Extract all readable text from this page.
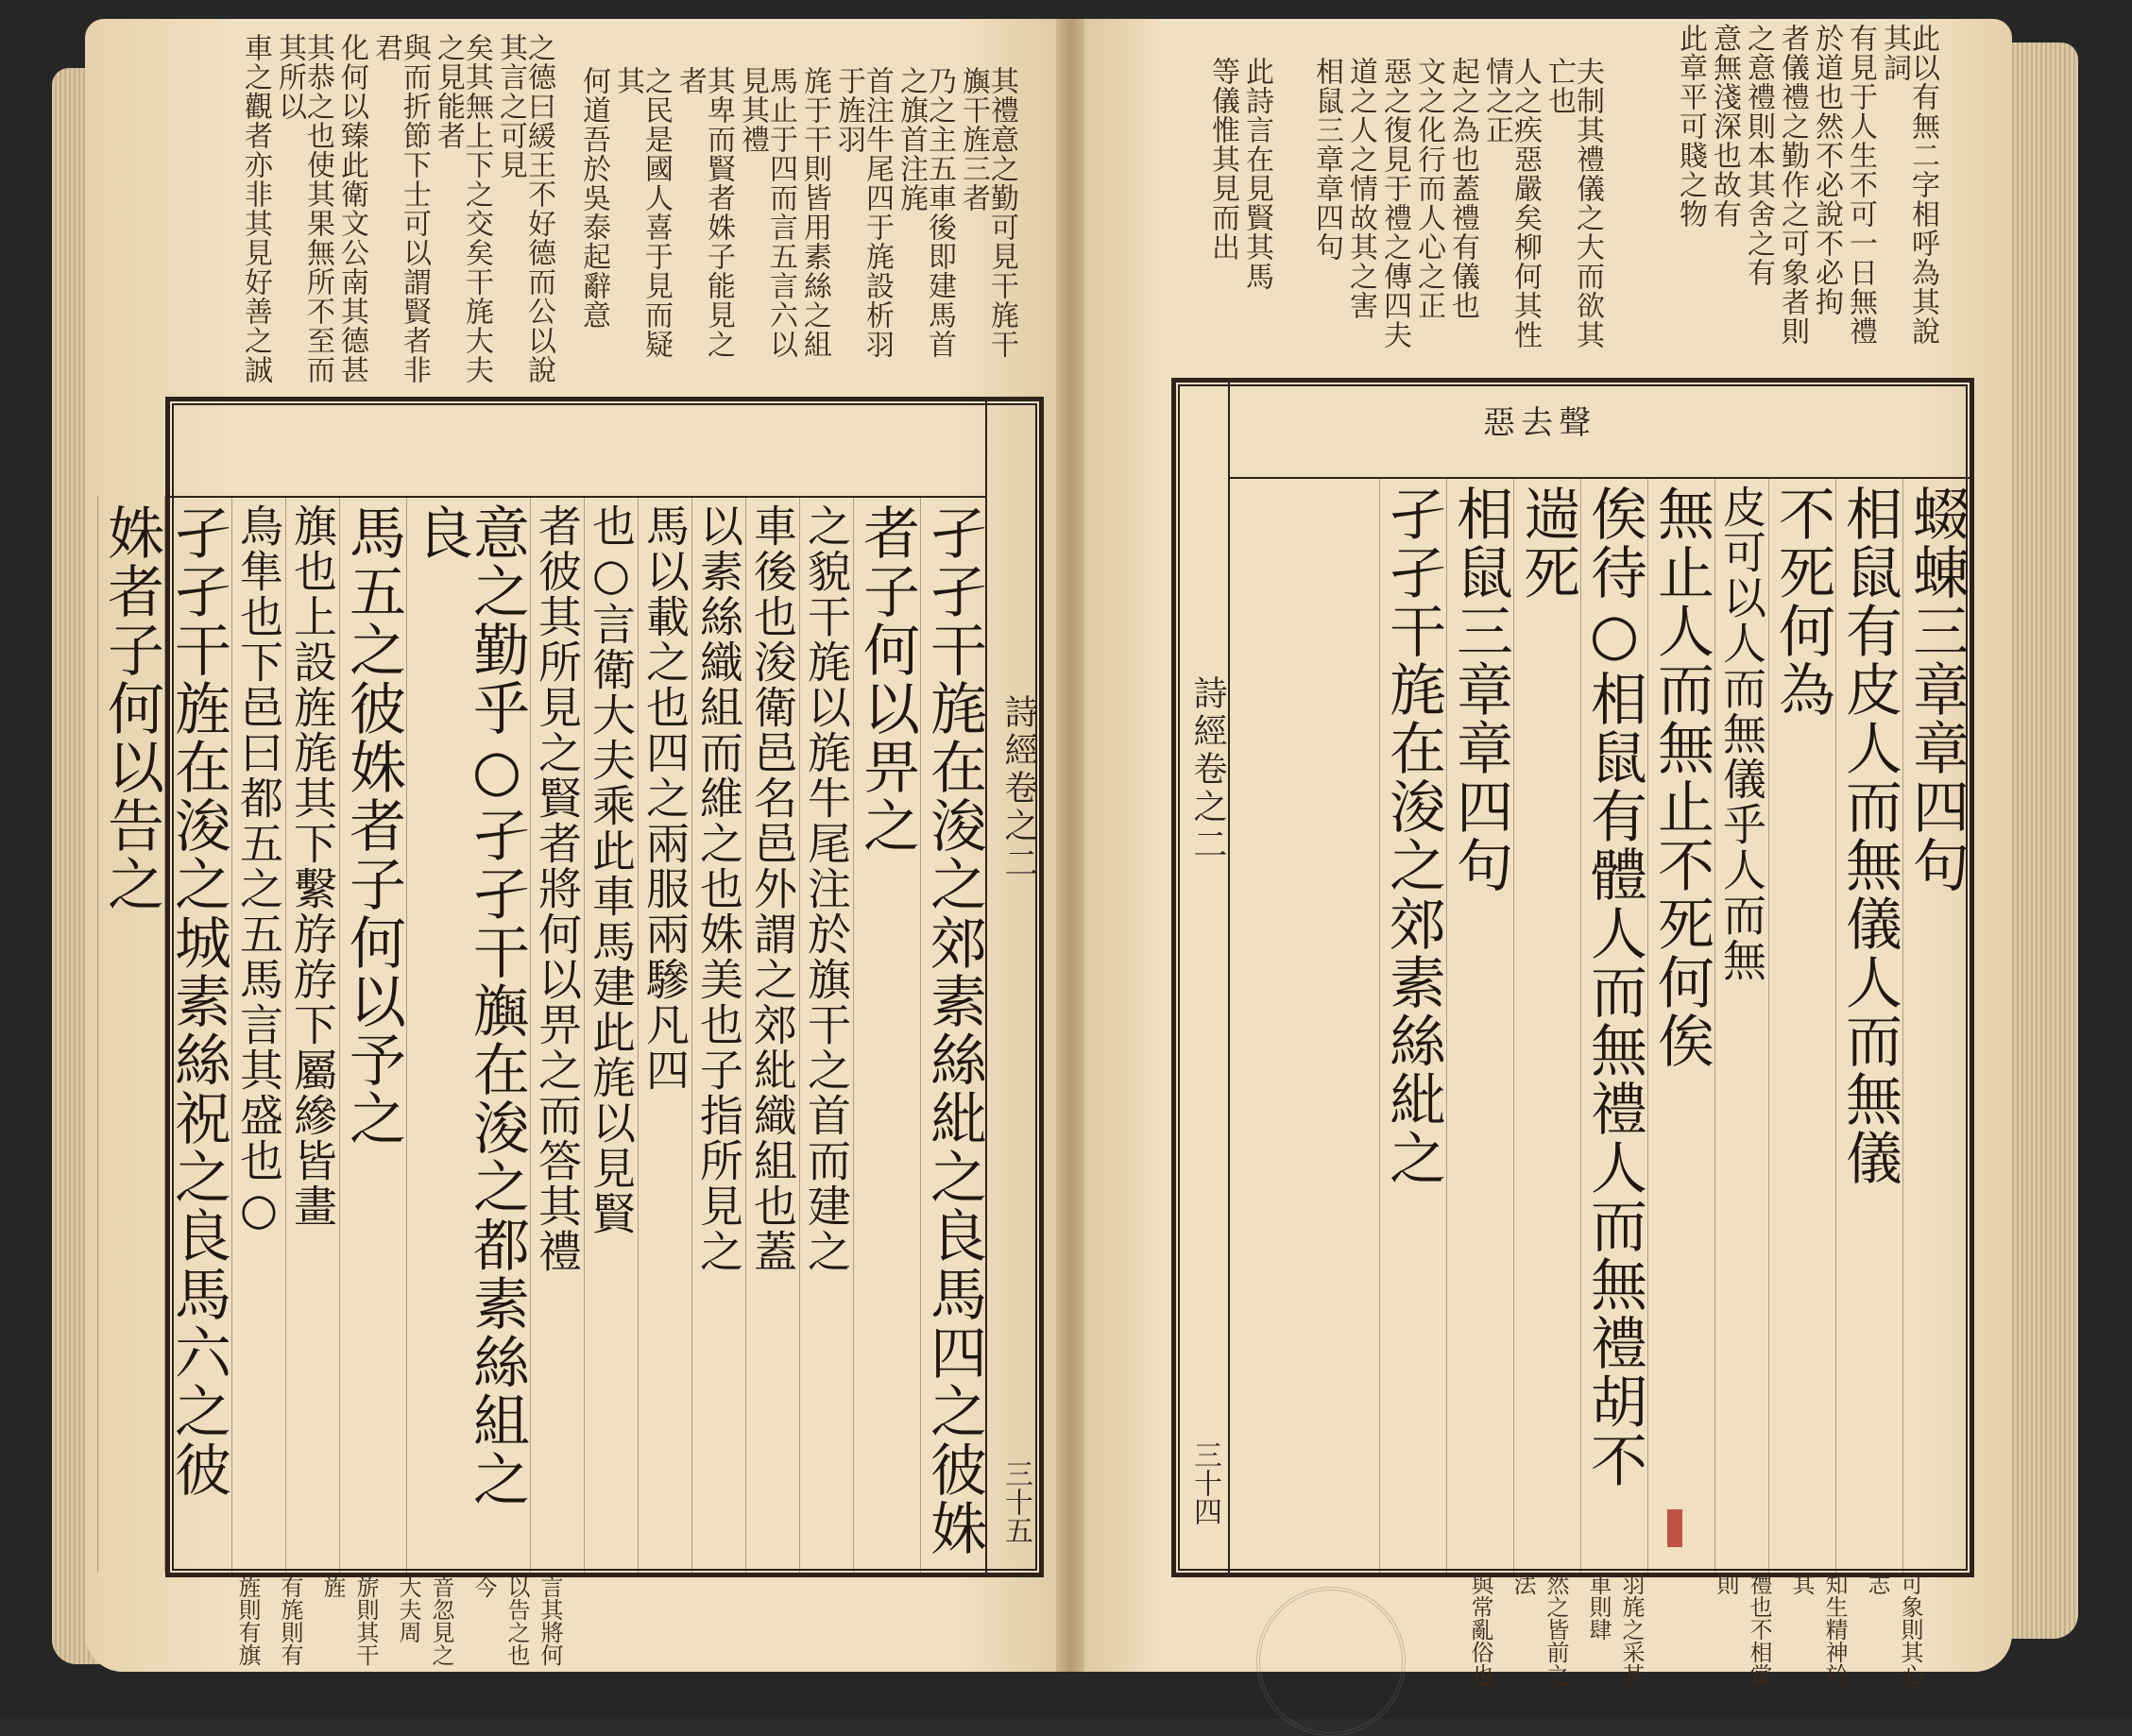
之德曰緩王不好德而公以說其言之可見
矣其無上下之交矣干旄大夫之見能者
與而折節下士可以謂賢者非君
化何以臻此衛文公南其德甚
其恭之也使其果無所不至而其所以
車之觀者亦非其見好善之誠	其禮意之勤可見干旄干旟干旌三者
乃之主五車後即建馬首之旗首注旄
首注牛尾四于旄設析羽于旌羽
旄于干則皆用素絲之組
馬止于四而言五言六以見其禮
其卑而賢者姝子能見之者
之民是國人喜于見而疑其
何道吾於吳泰起辭意
詩經卷之二
三十五
孑孑干旄在浚之郊素絲紕之良馬四之彼姝
者子何以畀之
之貌干旄以旄牛尾注於旗干之首而建之
車後也浚衛邑名邑外謂之郊紕織組也蓋
以素絲織組而維之也姝美也子指所見之
馬以載之也四之兩服兩驂凡四
也○言衛大夫乘此車馬建此旄以見賢
者彼其所見之賢者將何以畀之而答其禮
意之勤乎○孑孑干旟在浚之都素絲組之良
馬五之彼姝者子何以予之
旗也上設旌旄其下繫斿斿下屬縿皆畫
鳥隼也下邑曰都五之五馬言其盛也○
孑孑干旌在浚之城素絲祝之良馬六之彼
姝者子何以告之
言其將何以告之也今
音忽見之大夫周
旂則其干旌
有旄則有
旌則有旗
此以有無二字相呼為其說其詞
有見于人生不可一日無禮
於道也然不必說不必拘
者儀禮之勤作之可象者則
之意禮則本其舍之有
意無淺深也故有
此章平可賤之物
夫制其禮儀之大而欲其亡也
人之疾惡嚴矣柳何其性情之正
起之為也蓋禮有儀也
文之化行而人心之正
惡之復見于禮之傳四夫
道之人之情故其之害
相鼠三章章四句
此詩言在見賢其馬
等儀惟其見而出
惡去聲
詩經卷之二
三十四
蝃蝀三章章四句
相鼠有皮人而無儀人而無儀
不死何為
皮可以人而無儀乎人而無
無止人而無止不死何俟
俟待○相鼠有體人而無禮人而無禮胡不
遄死
相鼠三章章四句
孑孑干旄在浚之郊素絲紕之
可象則其心志
知生精神於其
禮也不相當則
羽旄之采其車則肆
然之皆前之法
與常亂俗也
